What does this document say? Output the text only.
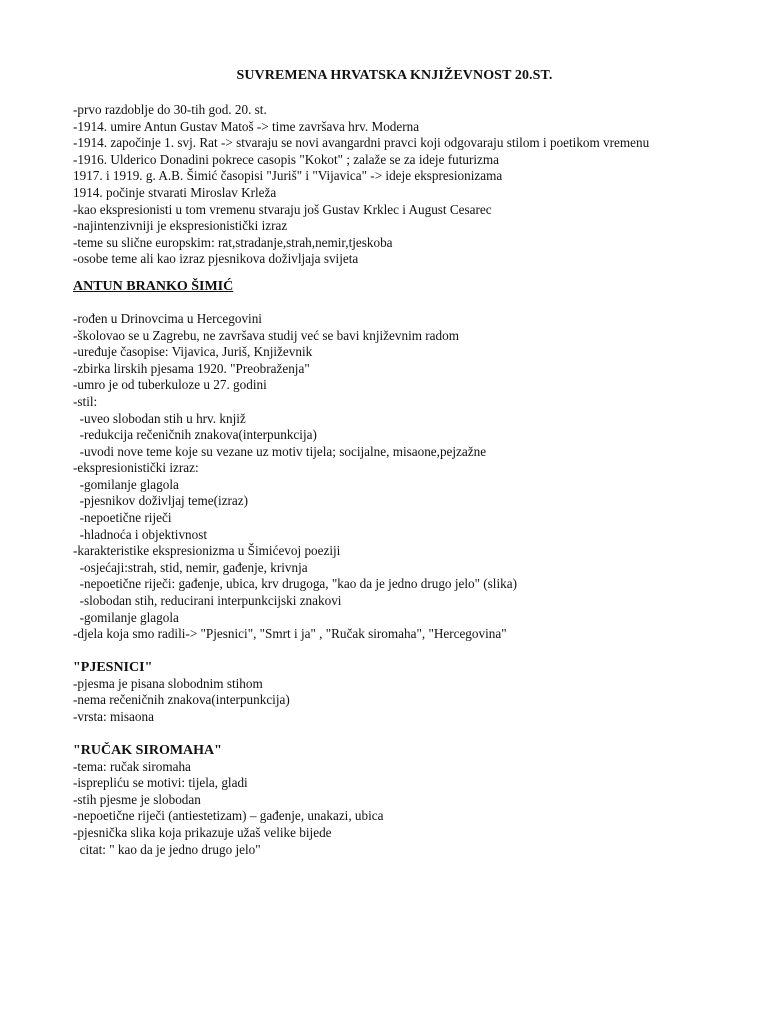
SUVREMENA HRVATSKA KNJIŽEVNOST 20.ST.

-prvo razdoblje do 30-tih god. 20. st.

-1914. umire Antun Gustav Matoš -> time završava hrv. Moderna

-1914. započinje 1. svj. Rat -> stvaraju se novi avangardni pravci koji odgovaraju stilom i poetikom vremenu

-1916. Ulderico Donadini pokrece casopis "Kokot" ; zalaže se za ideje futurizma

1917. i 1919. g. A.B. Šimić časopisi "Juriš" i "Vijavica" -> ideje ekspresionizama

1914. počinje stvarati Miroslav Krleža

-kao ekspresionisti u tom vremenu stvaraju još Gustav Krklec i August Cesarec

-najintenzivniji je ekspresionistički izraz

-teme su slične europskim: rat,stradanje,strah,nemir,tjeskoba

-osobe teme ali kao izraz pjesnikova doživljaja svijeta

ANTUN BRANKO ŠIMIĆ

-rođen u Drinovcima u Hercegovini

-školovao se u Zagrebu, ne završava studij već se bavi književnim radom

-uređuje časopise: Vijavica, Juriš, Književnik

-zbirka lirskih pjesama 1920. "Preobraženja"

-umro je od tuberkuloze u 27. godini

-stil:

-uveo slobodan stih u hrv. knjiž

-redukcija rečeničnih znakova(interpunkcija)

-uvodi nove teme koje su vezane uz motiv tijela; socijalne, misaone,pejzažne

-ekspresionistički izraz:

-gomilanje glagola

-pjesnikov doživljaj teme(izraz)

-nepoetične riječi

-hladnoća i objektivnost

-karakteristike ekspresionizma u Šimićevoj poeziji

-osjećaji:strah, stid, nemir, gađenje, krivnja

-nepoetične riječi: gađenje, ubica, krv drugoga, "kao da je jedno drugo jelo" (slika)

-slobodan stih, reducirani interpunkcijski znakovi

-gomilanje glagola

-djela koja smo radili-> "Pjesnici", "Smrt i ja" , "Ručak siromaha", "Hercegovina"

"PJESNICI"

-pjesma je pisana slobodnim stihom

-nema rečeničnih znakova(interpunkcija)

-vrsta: misaona

"RUČAK SIROMAHA"

-tema: ručak siromaha

-isprepliću se motivi: tijela, gladi

-stih pjesme je slobodan

-nepoetične riječi (antiestetizam) – gađenje, unakazi, ubica

-pjesnička slika koja prikazuje užaš velike bijede

citat: " kao da je jedno drugo jelo"
